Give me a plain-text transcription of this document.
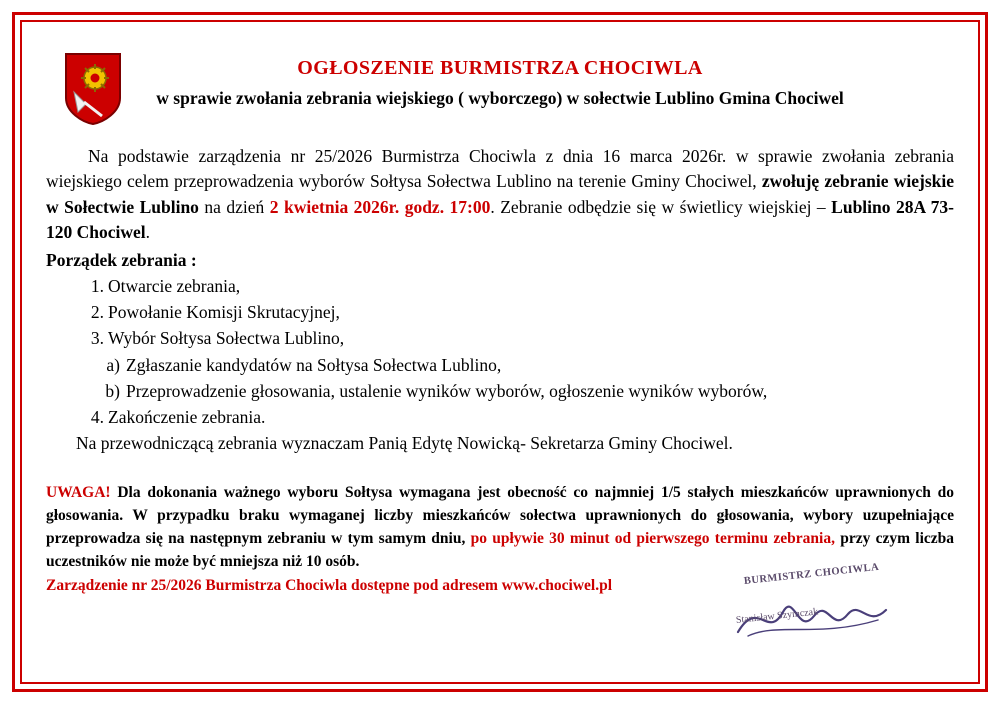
OGŁOSZENIE BURMISTRZA CHOCIWLA
w sprawie zwołania zebrania wiejskiego ( wyborczego) w sołectwie Lublino Gmina Chociwel

Na podstawie zarządzenia nr 25/2026 Burmistrza Chociwla z dnia 16 marca 2026r. w sprawie zwołania zebrania wiejskiego celem przeprowadzenia wyborów Sołtysa Sołectwa Lublino na terenie Gminy Chociwel, zwołuję zebranie wiejskie w Sołectwie Lublino na dzień 2 kwietnia 2026r. godz. 17:00. Zebranie odbędzie się w świetlicy wiejskiej – Lublino 28A 73-120 Chociwel.

Porządek zebrania :
1. Otwarcie zebrania,
2. Powołanie Komisji Skrutacyjnej,
3. Wybór Sołtysa Sołectwa Lublino,
a) Zgłaszanie kandydatów na Sołtysa Sołectwa Lublino,
b) Przeprowadzenie głosowania, ustalenie wyników wyborów, ogłoszenie wyników wyborów,
4. Zakończenie zebrania.
Na przewodniczącą zebrania wyznaczam Panią Edytę Nowicką- Sekretarza Gminy Chociwel.

UWAGA! Dla dokonania ważnego wyboru Sołtysa wymagana jest obecność co najmniej 1/5 stałych mieszkańców uprawnionych do głosowania. W przypadku braku wymaganej liczby mieszkańców sołectwa uprawnionych do głosowania, wybory uzupełniające przeprowadza się na następnym zebraniu w tym samym dniu, po upływie 30 minut od pierwszego terminu zebrania, przy czym liczba uczestników nie może być mniejsza niż 10 osób.

Zarządzenie nr 25/2026 Burmistrza Chociwla dostępne pod adresem www.chociwel.pl	BURMISTRZ CHOCIWLA
Stanisław Szymczak
